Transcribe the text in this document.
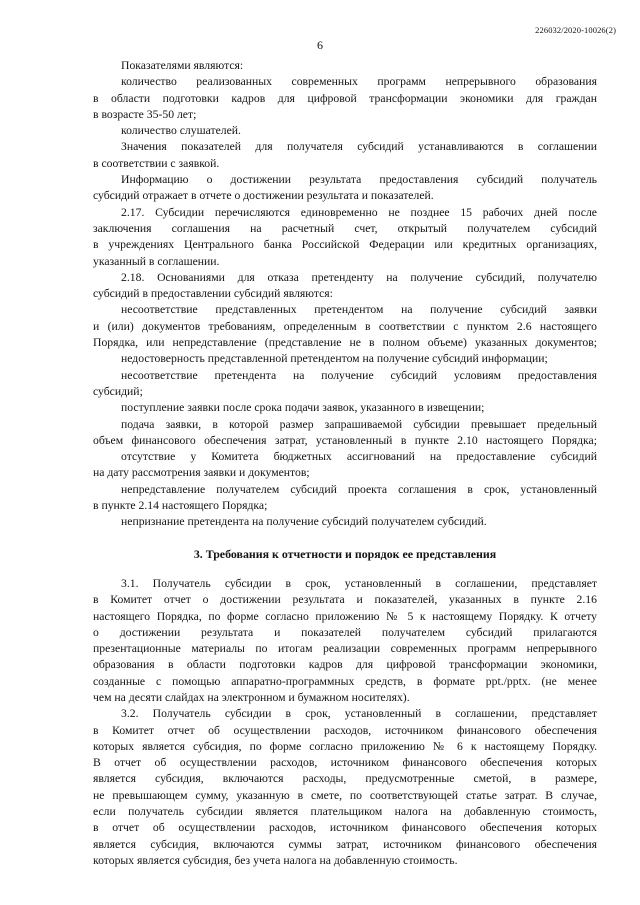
226032/2020-10026(2)
6
Показателями являются:
количество реализованных современных программ непрерывного образования
в области подготовки кадров для цифровой трансформации экономики для граждан
в возрасте 35-50 лет;
количество слушателей.
Значения показателей для получателя субсидий устанавливаются в соглашении
в соответствии с заявкой.
Информацию о достижении результата предоставления субсидий получатель
субсидий отражает в отчете о достижении результата и показателей.
2.17. Субсидии перечисляются единовременно не позднее 15 рабочих дней после
заключения соглашения на расчетный счет, открытый получателем субсидий
в учреждениях Центрального банка Российской Федерации или кредитных организациях,
указанный в соглашении.
2.18. Основаниями для отказа претенденту на получение субсидий, получателю
субсидий в предоставлении субсидий являются:
несоответствие представленных претендентом на получение субсидий заявки
и (или) документов требованиям, определенным в соответствии с пунктом 2.6 настоящего
Порядка, или непредставление (представление не в полном объеме) указанных документов;
недостоверность представленной претендентом на получение субсидий информации;
несоответствие претендента на получение субсидий условиям предоставления
субсидий;
поступление заявки после срока подачи заявок, указанного в извещении;
подача заявки, в которой размер запрашиваемой субсидии превышает предельный
объем финансового обеспечения затрат, установленный в пункте 2.10 настоящего Порядка;
отсутствие у Комитета бюджетных ассигнований на предоставление субсидий
на дату рассмотрения заявки и документов;
непредставление получателем субсидий проекта соглашения в срок, установленный
в пункте 2.14 настоящего Порядка;
непризнание претендента на получение субсидий получателем субсидий.

3. Требования к отчетности и порядок ее представления

3.1. Получатель субсидии в срок, установленный в соглашении, представляет
в Комитет отчет о достижении результата и показателей, указанных в пункте 2.16
настоящего Порядка, по форме согласно приложению № 5 к настоящему Порядку. К отчету
о достижении результата и показателей получателем субсидий прилагаются
презентационные материалы по итогам реализации современных программ непрерывного
образования в области подготовки кадров для цифровой трансформации экономики,
созданные с помощью аппаратно-программных средств, в формате ppt./pptx. (не менее
чем на десяти слайдах на электронном и бумажном носителях).
3.2. Получатель субсидии в срок, установленный в соглашении, представляет
в Комитет отчет об осуществлении расходов, источником финансового обеспечения
которых является субсидия, по форме согласно приложению № 6 к настоящему Порядку.
В отчет об осуществлении расходов, источником финансового обеспечения которых
является субсидия, включаются расходы, предусмотренные сметой, в размере,
не превышающем сумму, указанную в смете, по соответствующей статье затрат. В случае,
если получатель субсидии является плательщиком налога на добавленную стоимость,
в отчет об осуществлении расходов, источником финансового обеспечения которых
является субсидия, включаются суммы затрат, источником финансового обеспечения
которых является субсидия, без учета налога на добавленную стоимость.
